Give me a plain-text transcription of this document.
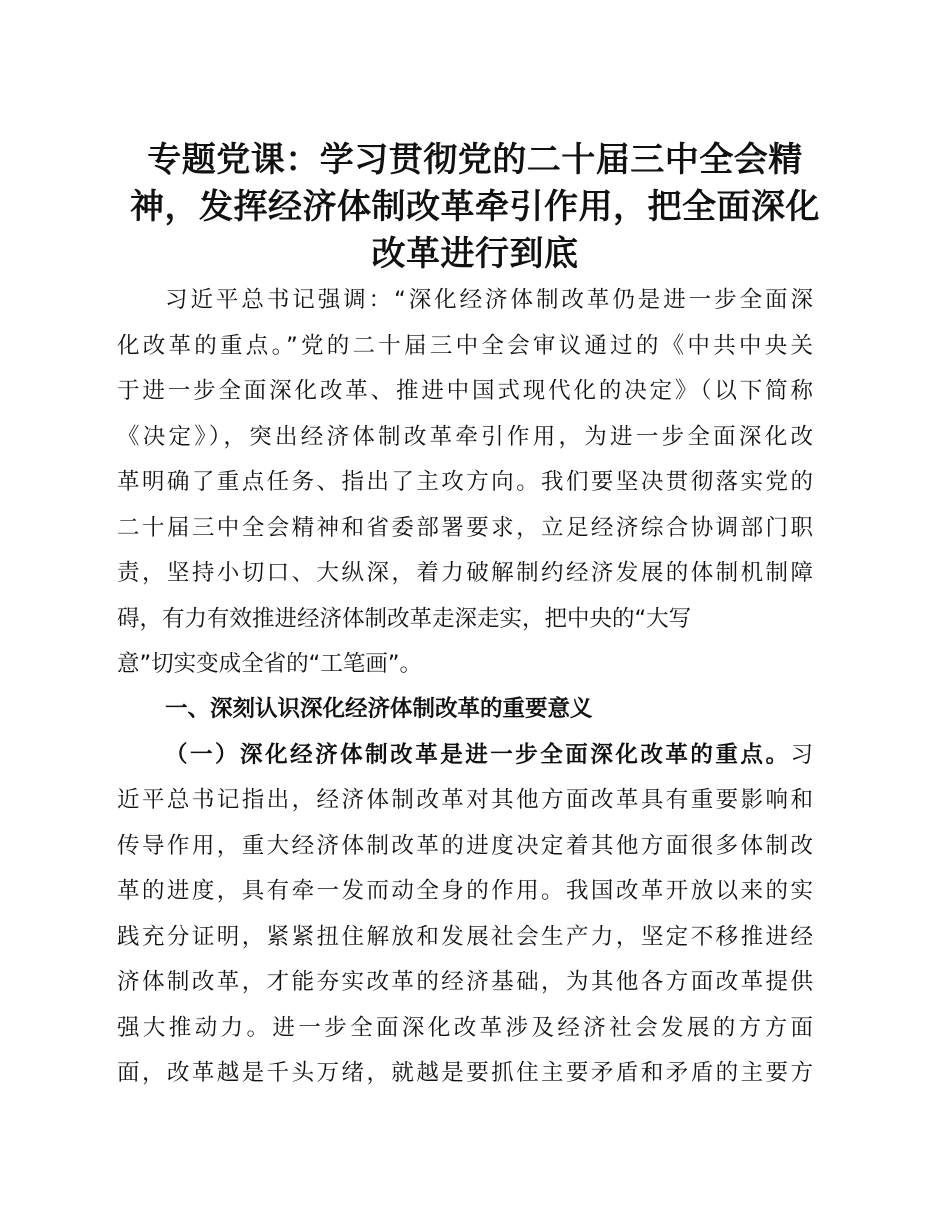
专题党课：学习贯彻党的二十届三中全会精
神，发挥经济体制改革牵引作用，把全面深化
改革进行到底
习近平总书记强调：“深化经济体制改革仍是进一步全面深
化改革的重点。”党的二十届三中全会审议通过的《中共中央关
于进一步全面深化改革、推进中国式现代化的决定》（以下简称
《决定》），突出经济体制改革牵引作用，为进一步全面深化改
革明确了重点任务、指出了主攻方向。我们要坚决贯彻落实党的
二十届三中全会精神和省委部署要求，立足经济综合协调部门职
责，坚持小切口、大纵深，着力破解制约经济发展的体制机制障
碍，有力有效推进经济体制改革走深走实，把中央的“大写
意”切实变成全省的“工笔画”。
一、深刻认识深化经济体制改革的重要意义
（一）深化经济体制改革是进一步全面深化改革的重点。习
近平总书记指出，经济体制改革对其他方面改革具有重要影响和
传导作用，重大经济体制改革的进度决定着其他方面很多体制改
革的进度，具有牵一发而动全身的作用。我国改革开放以来的实
践充分证明，紧紧扭住解放和发展社会生产力，坚定不移推进经
济体制改革，才能夯实改革的经济基础，为其他各方面改革提供
强大推动力。进一步全面深化改革涉及经济社会发展的方方面
面，改革越是千头万绪，就越是要抓住主要矛盾和矛盾的主要方
